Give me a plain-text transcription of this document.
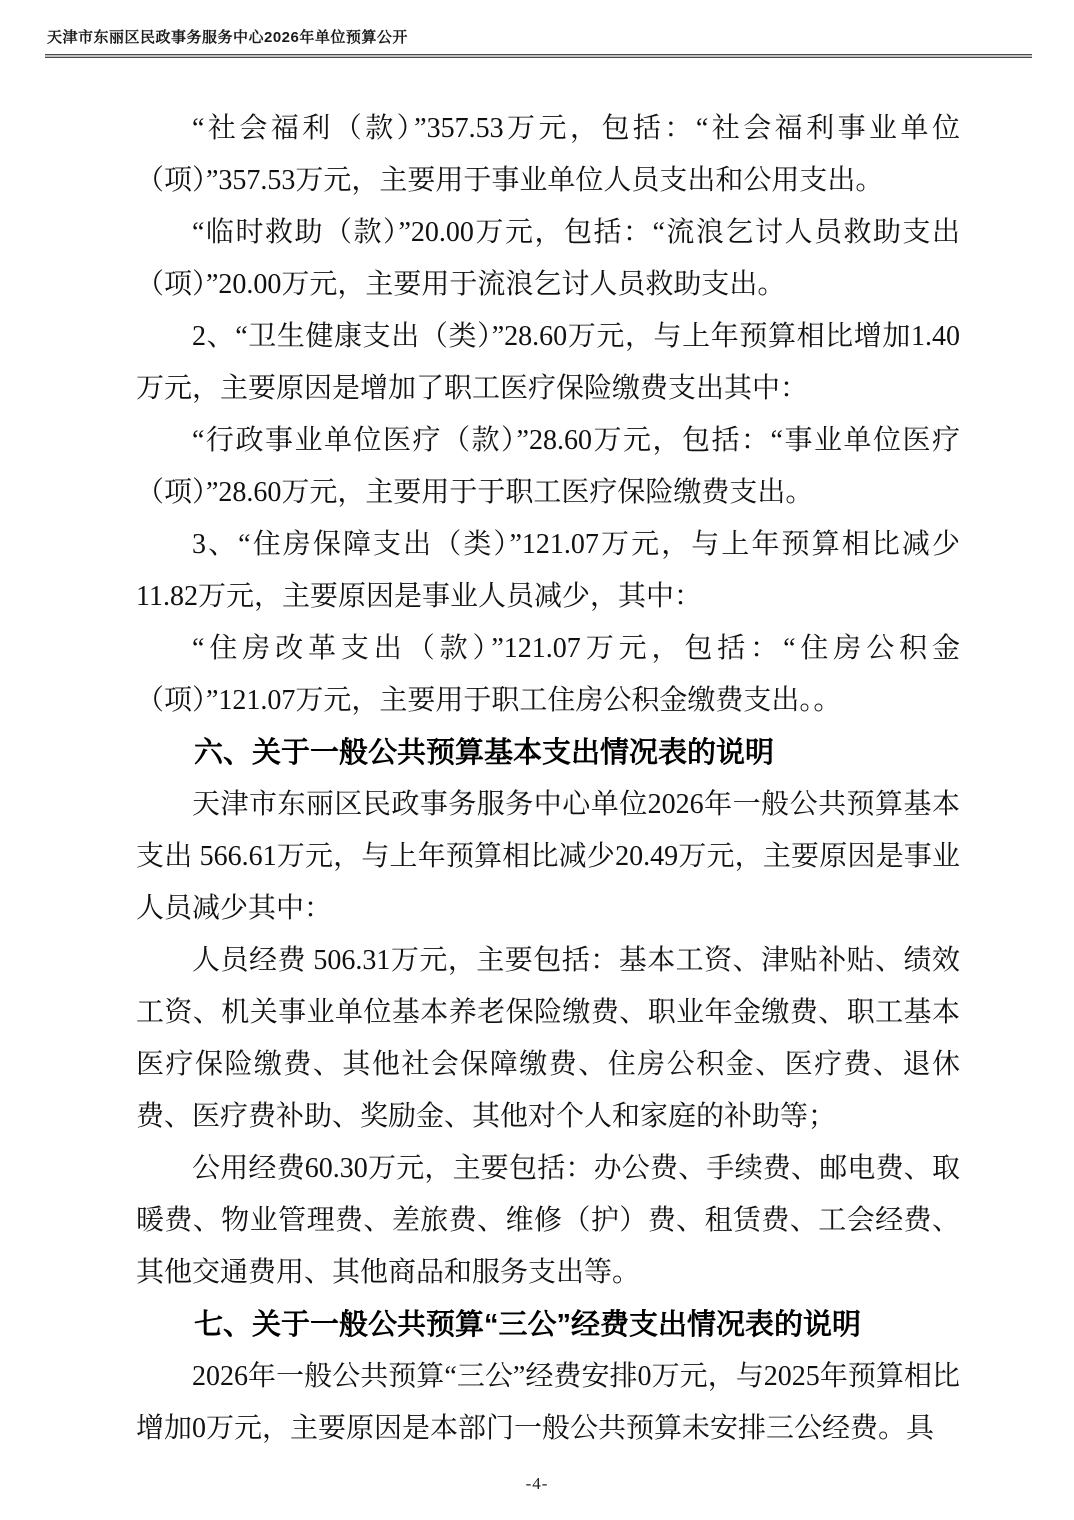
天津市东丽区民政事务服务中心2026年单位预算公开

“社会福利（款）”357.53万元，包括：“社会福利事业单位（项）”357.53万元，主要用于事业单位人员支出和公用支出。

“临时救助（款）”20.00万元，包括：“流浪乞讨人员救助支出（项）”20.00万元，主要用于流浪乞讨人员救助支出。

2、“卫生健康支出（类）”28.60万元，与上年预算相比增加1.40万元，主要原因是增加了职工医疗保险缴费支出其中：

“行政事业单位医疗（款）”28.60万元，包括：“事业单位医疗（项）”28.60万元，主要用于于职工医疗保险缴费支出。

3、“住房保障支出（类）”121.07万元，与上年预算相比减少11.82万元，主要原因是事业人员减少，其中：

“住房改革支出（款）”121.07万元，包括：“住房公积金（项）”121.07万元，主要用于职工住房公积金缴费支出。。

六、关于一般公共预算基本支出情况表的说明

天津市东丽区民政事务服务中心单位2026年一般公共预算基本支出 566.61万元，与上年预算相比减少20.49万元，主要原因是事业人员减少其中：

人员经费 506.31万元，主要包括：基本工资、津贴补贴、绩效工资、机关事业单位基本养老保险缴费、职业年金缴费、职工基本医疗保险缴费、其他社会保障缴费、住房公积金、医疗费、退休费、医疗费补助、奖励金、其他对个人和家庭的补助等；

公用经费60.30万元，主要包括：办公费、手续费、邮电费、取暖费、物业管理费、差旅费、维修（护）费、租赁费、工会经费、其他交通费用、其他商品和服务支出等。

七、关于一般公共预算“三公”经费支出情况表的说明

2026年一般公共预算“三公”经费安排0万元，与2025年预算相比增加0万元，主要原因是本部门一般公共预算未安排三公经费。具

-4-
